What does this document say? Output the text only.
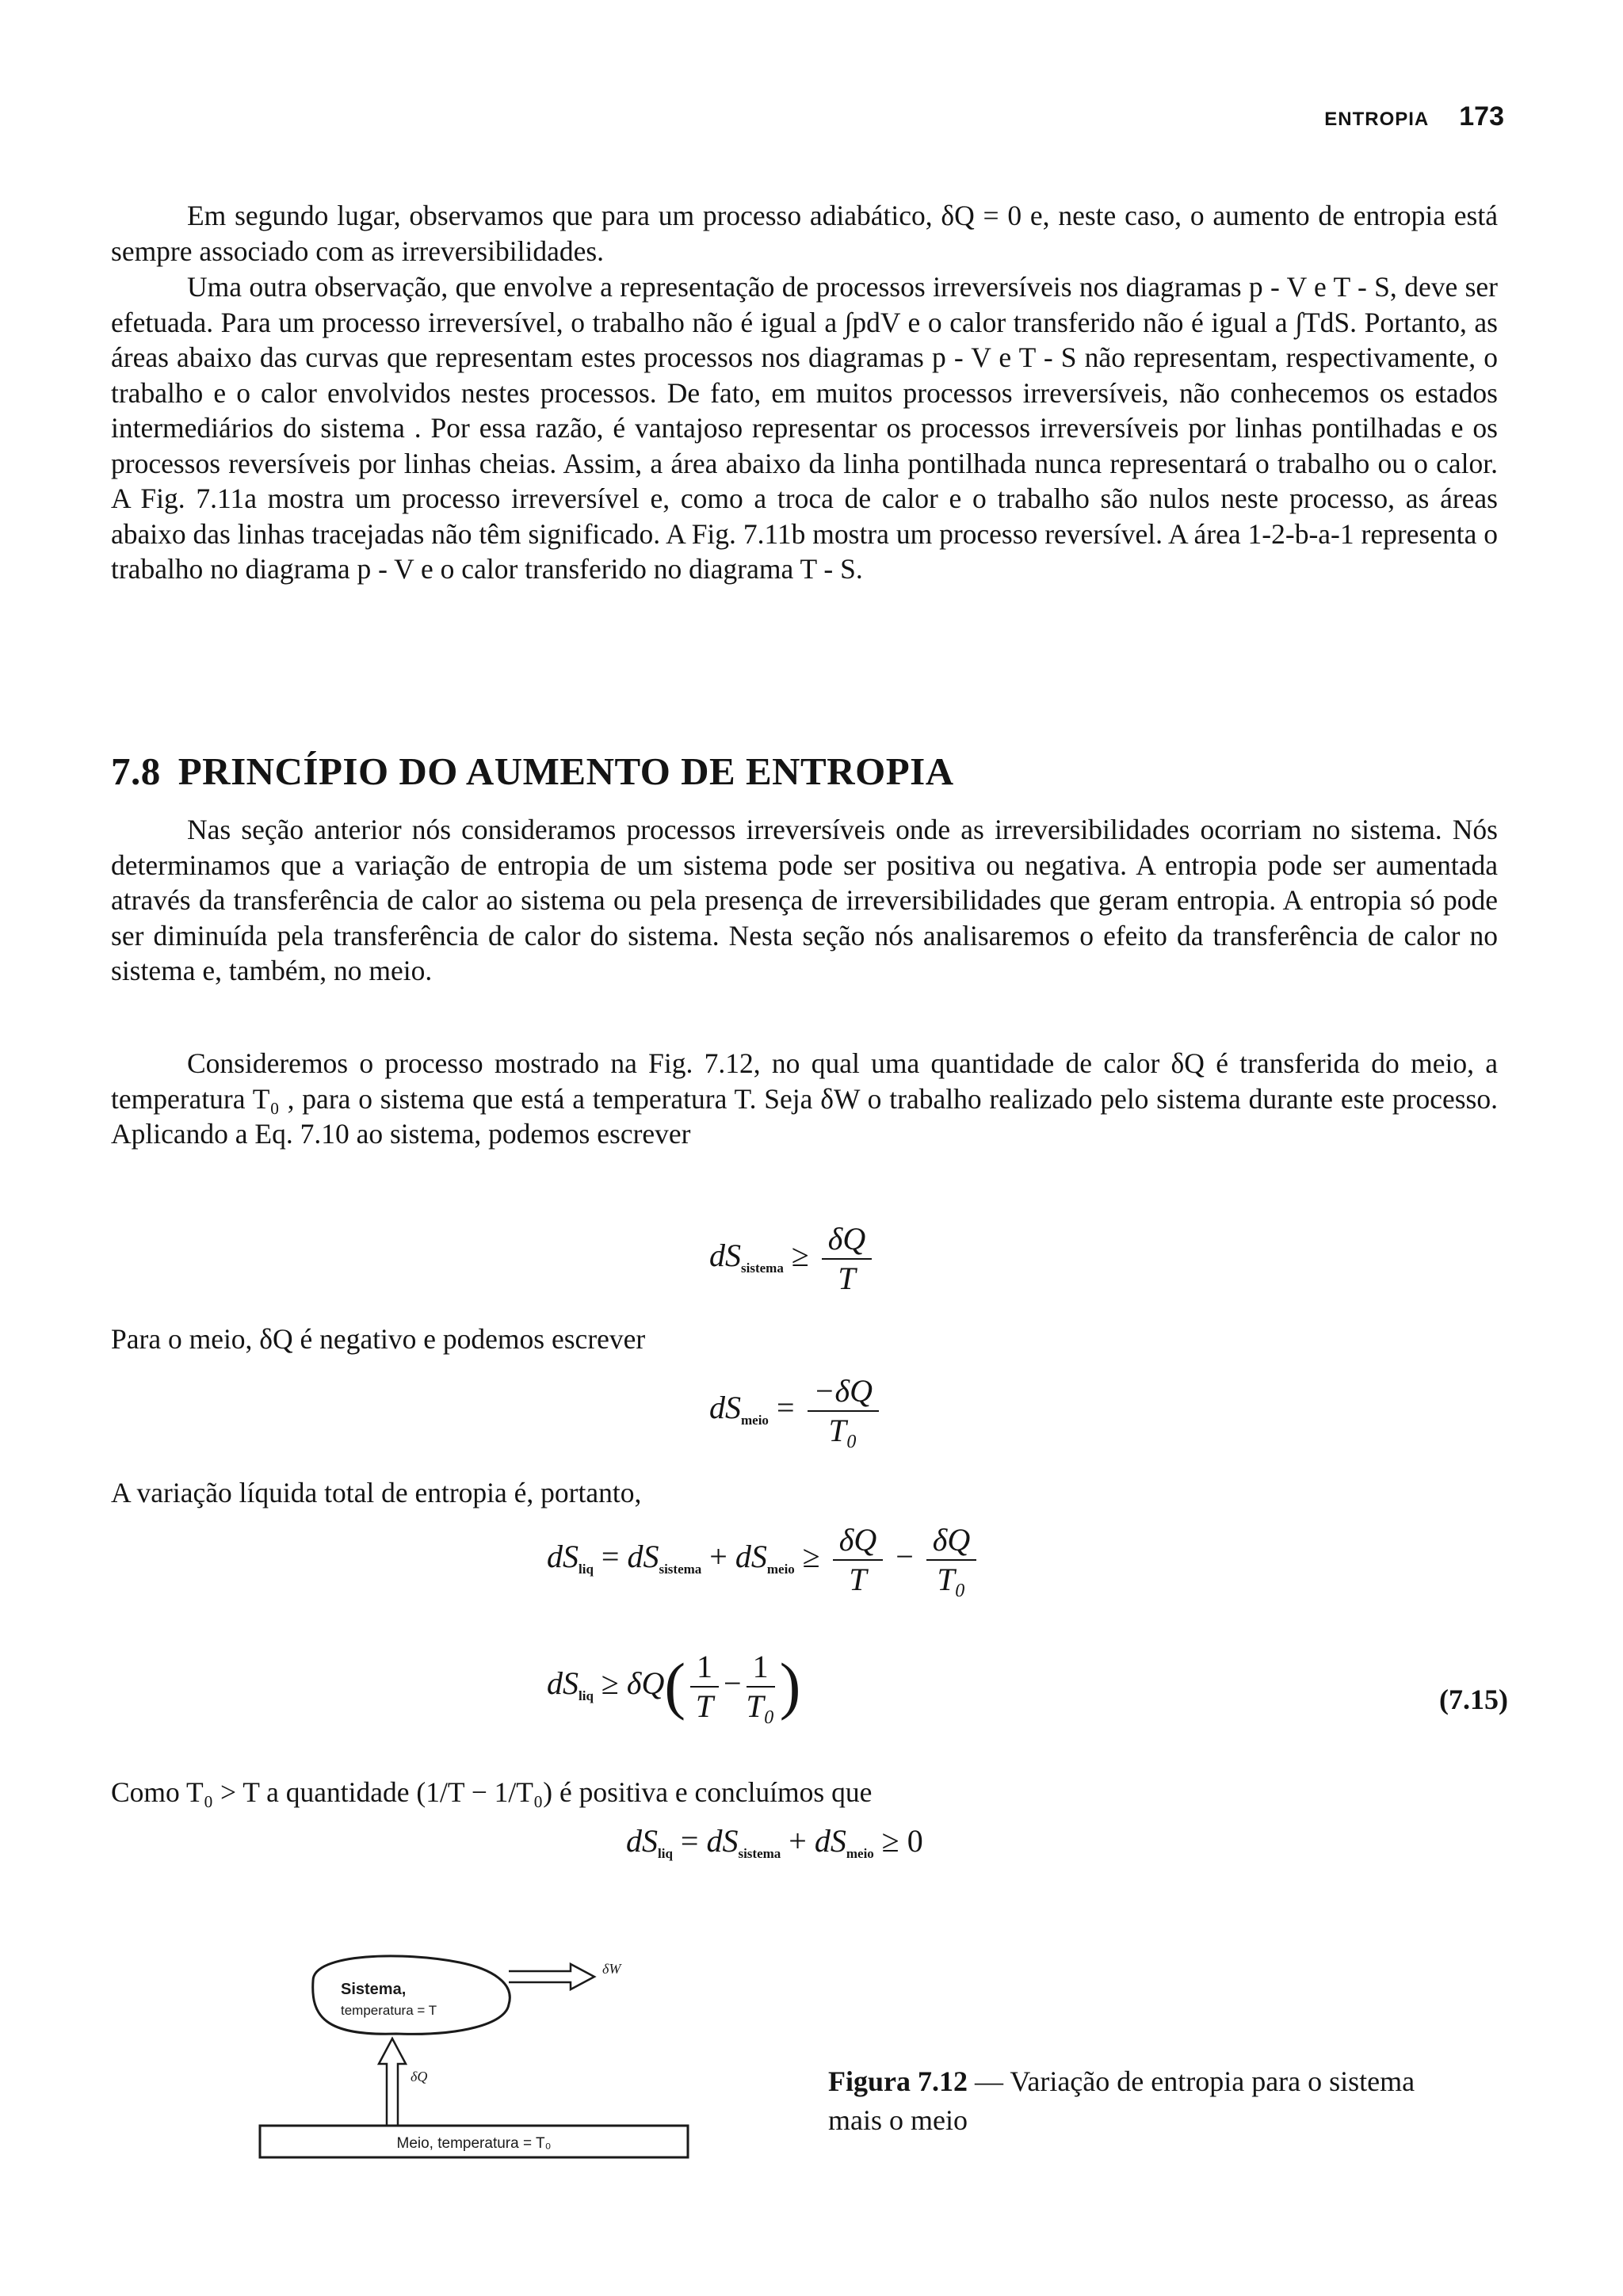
ENTROPIA 173

Em segundo lugar, observamos que para um processo adiabático, δQ = 0 e, neste caso, o aumento de entropia está sempre associado com as irreversibilidades.

Uma outra observação, que envolve a representação de processos irreversíveis nos diagramas p - V e T - S, deve ser efetuada. Para um processo irreversível, o trabalho não é igual a ∫pdV e o calor transferido não é igual a ∫TdS. Portanto, as áreas abaixo das curvas que representam estes processos nos diagramas p - V e T - S não representam, respectivamente, o trabalho e o calor envolvidos nestes processos. De fato, em muitos processos irreversíveis, não conhecemos os estados intermediários do sistema . Por essa razão, é vantajoso representar os processos irreversíveis por linhas pontilhadas e os processos reversíveis por linhas cheias. Assim, a área abaixo da linha pontilhada nunca representará o trabalho ou o calor. A Fig. 7.11a mostra um processo irreversível e, como a troca de calor e o trabalho são nulos neste processo, as áreas abaixo das linhas tracejadas não têm significado. A Fig. 7.11b mostra um processo reversível. A área 1-2-b-a-1 representa o trabalho no diagrama p - V e o calor transferido no diagrama T - S.

7.8 PRINCÍPIO DO AUMENTO DE ENTROPIA

Nas seção anterior nós consideramos processos irreversíveis onde as irreversibilidades ocorriam no sistema. Nós determinamos que a variação de entropia de um sistema pode ser positiva ou negativa. A entropia pode ser aumentada através da transferência de calor ao sistema ou pela presença de irreversibilidades que geram entropia. A entropia só pode ser diminuída pela transferência de calor do sistema. Nesta seção nós analisaremos o efeito da transferência de calor no sistema e, também, no meio.

Consideremos o processo mostrado na Fig. 7.12, no qual uma quantidade de calor δQ é transferida do meio, a temperatura T₀ , para o sistema que está a temperatura T. Seja δW o trabalho realizado pelo sistema durante este processo. Aplicando a Eq. 7.10 ao sistema, podemos escrever

$dS_{sistema} \ge \frac{\delta Q}{T}$

Para o meio, δQ é negativo e podemos escrever

$dS_{meio} = \frac{-\delta Q}{\text{T₀}}$

A variação líquida total de entropia é, portanto,

$dS_{liq} = dS_{sistema} + dS_{meio} \ge \frac{\delta Q}{T} - \frac{\delta Q}{\text{T₀}}$
$dS_{liq} \ge \delta Q( \frac{1}{T} - \frac{1}{\text{T₀}}$ )	(7.15)

Como T₀ > T a quantidade (1/T − 1/T₀) é positiva e concluímos que

$dS_{liq} = dS_{sistema} + dS_{meio} \ge 0$
Sistema,
temperatura = T
δW
δQ
Meio, temperatura = T₀
Figura 7.12 — Variação de entropia para o sistema mais o meio
